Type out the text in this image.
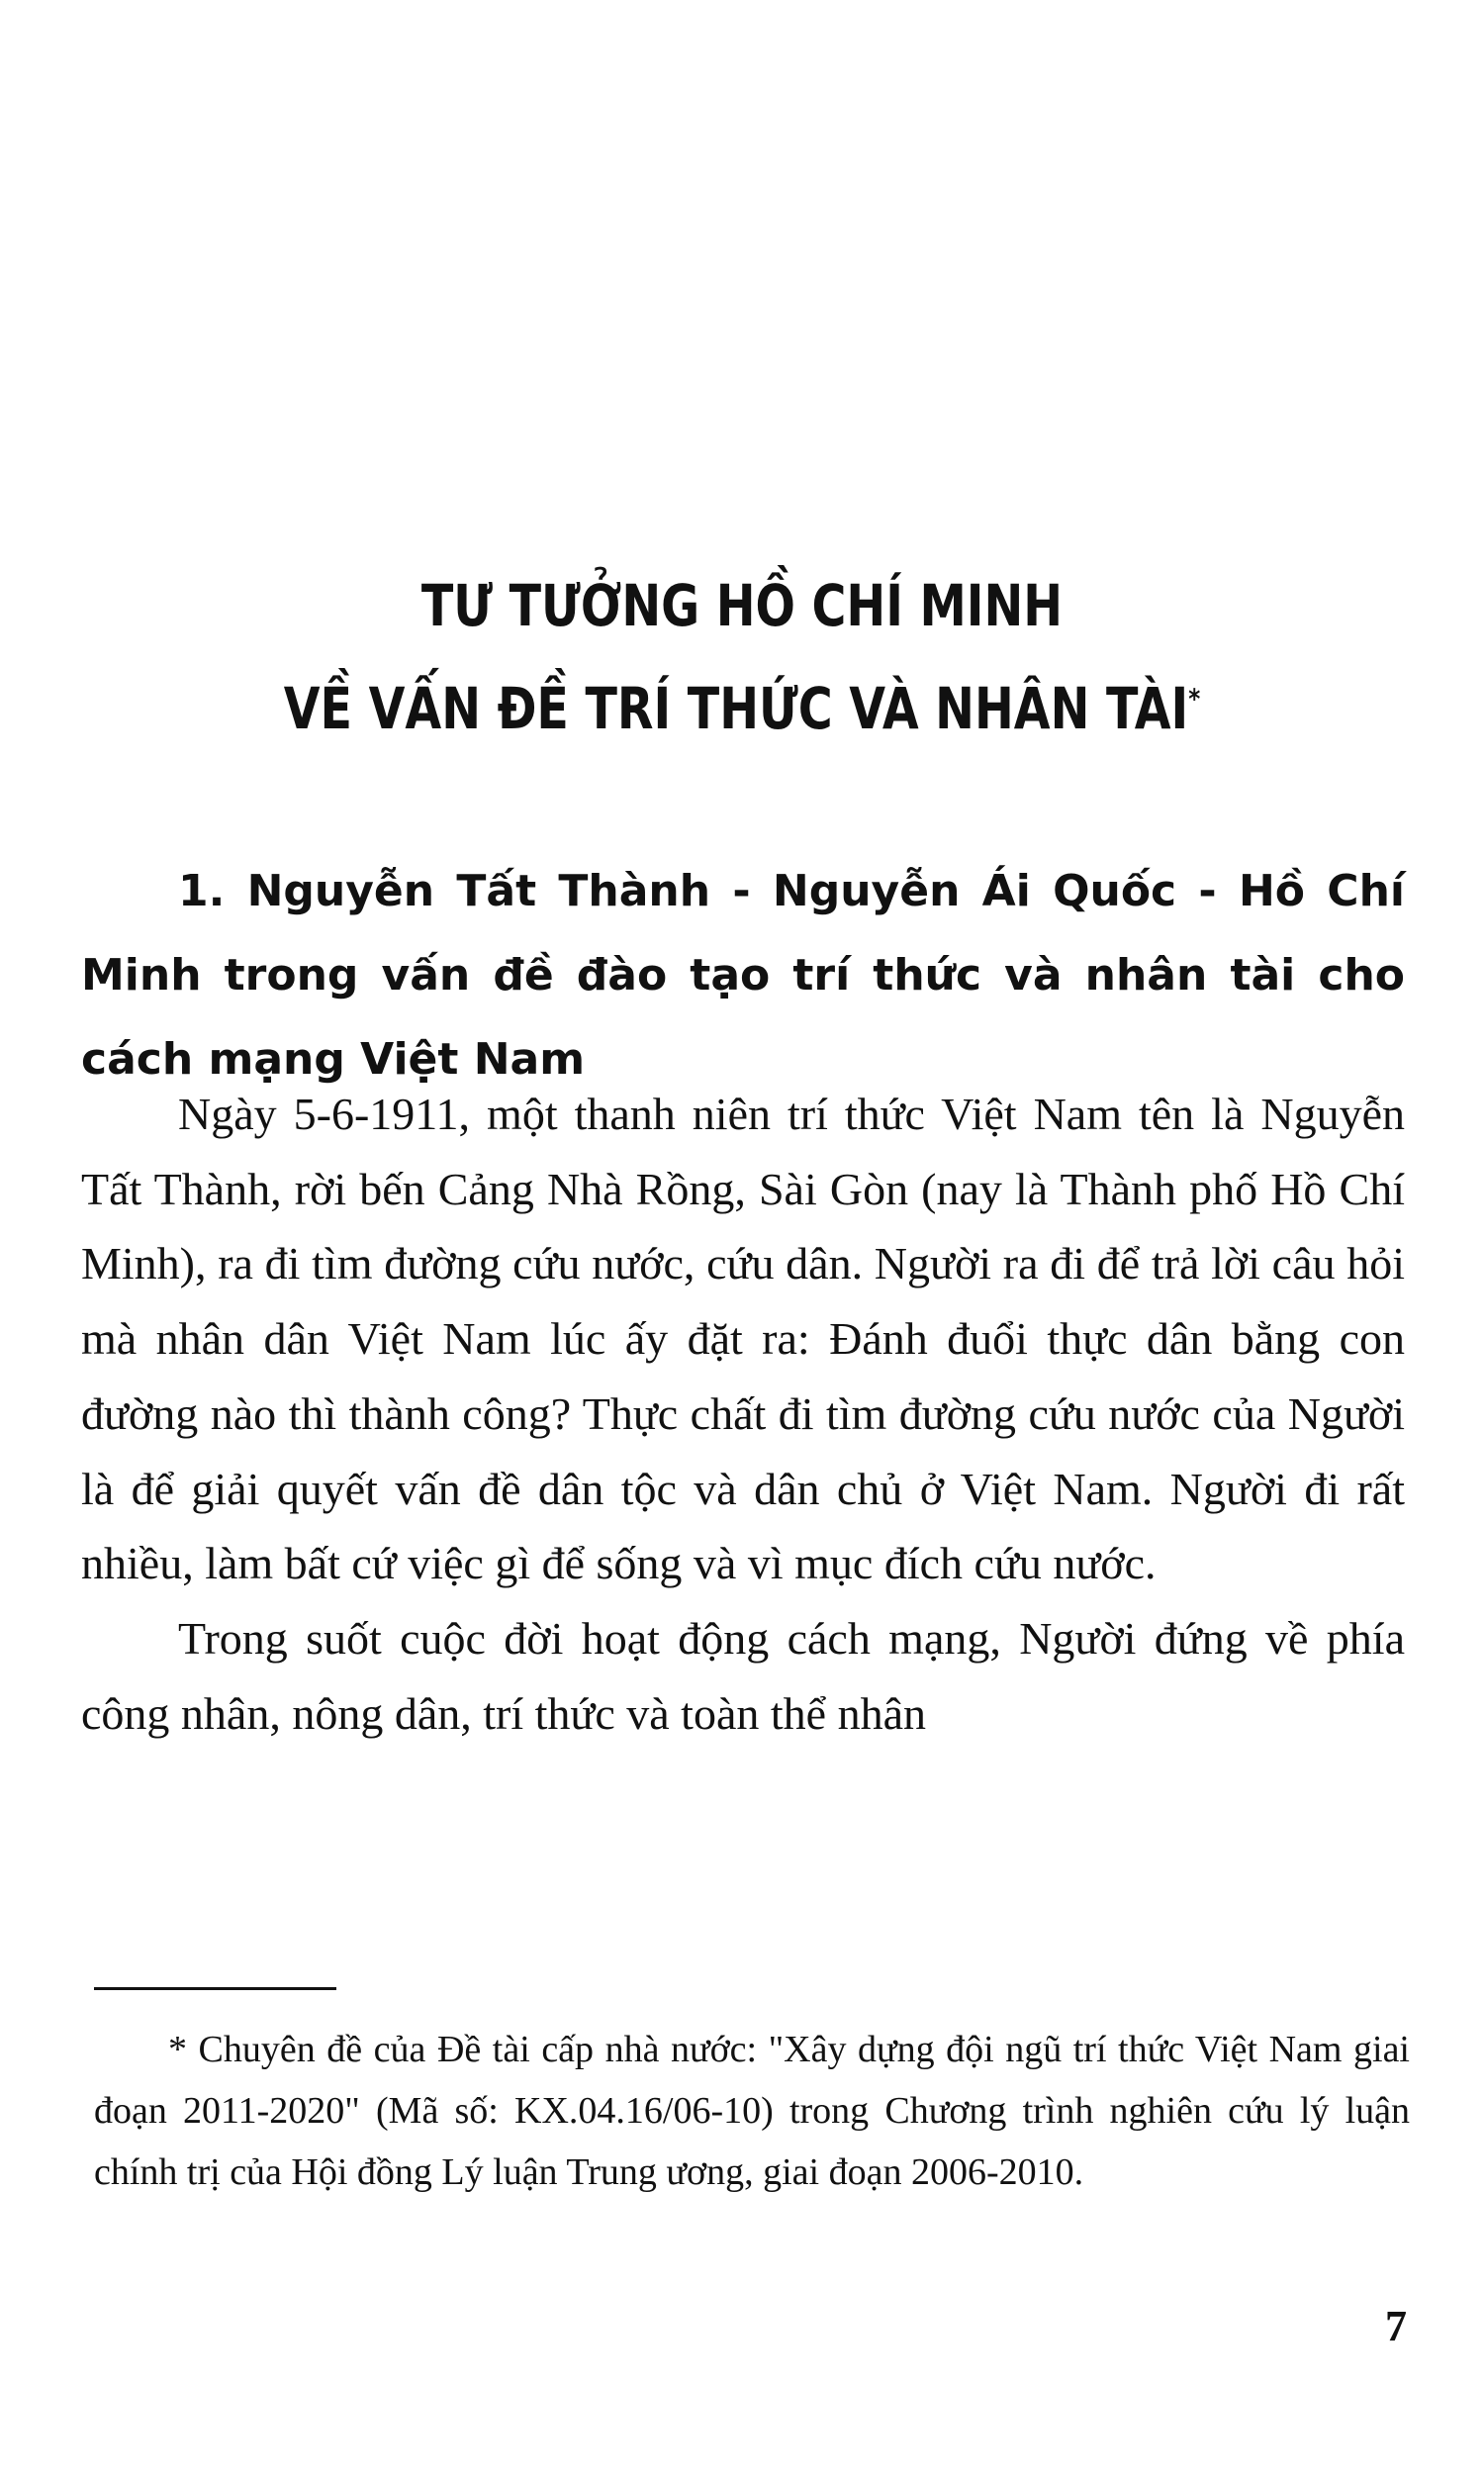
TƯ TƯỞNG HỒ CHÍ MINH
VỀ VẤN ĐỀ TRÍ THỨC VÀ NHÂN TÀI*
1. Nguyễn Tất Thành - Nguyễn Ái Quốc - Hồ Chí Minh trong vấn đề đào tạo trí thức và nhân tài cho cách mạng Việt Nam

Ngày 5-6-1911, một thanh niên trí thức Việt Nam tên là Nguyễn Tất Thành, rời bến Cảng Nhà Rồng, Sài Gòn (nay là Thành phố Hồ Chí Minh), ra đi tìm đường cứu nước, cứu dân. Người ra đi để trả lời câu hỏi mà nhân dân Việt Nam lúc ấy đặt ra: Đánh đuổi thực dân bằng con đường nào thì thành công? Thực chất đi tìm đường cứu nước của Người là để giải quyết vấn đề dân tộc và dân chủ ở Việt Nam. Người đi rất nhiều, làm bất cứ việc gì để sống và vì mục đích cứu nước.

Trong suốt cuộc đời hoạt động cách mạng, Người đứng về phía công nhân, nông dân, trí thức và toàn thể nhân

* Chuyên đề của Đề tài cấp nhà nước: "Xây dựng đội ngũ trí thức Việt Nam giai đoạn 2011-2020" (Mã số: KX.04.16/06-10) trong Chương trình nghiên cứu lý luận chính trị của Hội đồng Lý luận Trung ương, giai đoạn 2006-2010.
7
